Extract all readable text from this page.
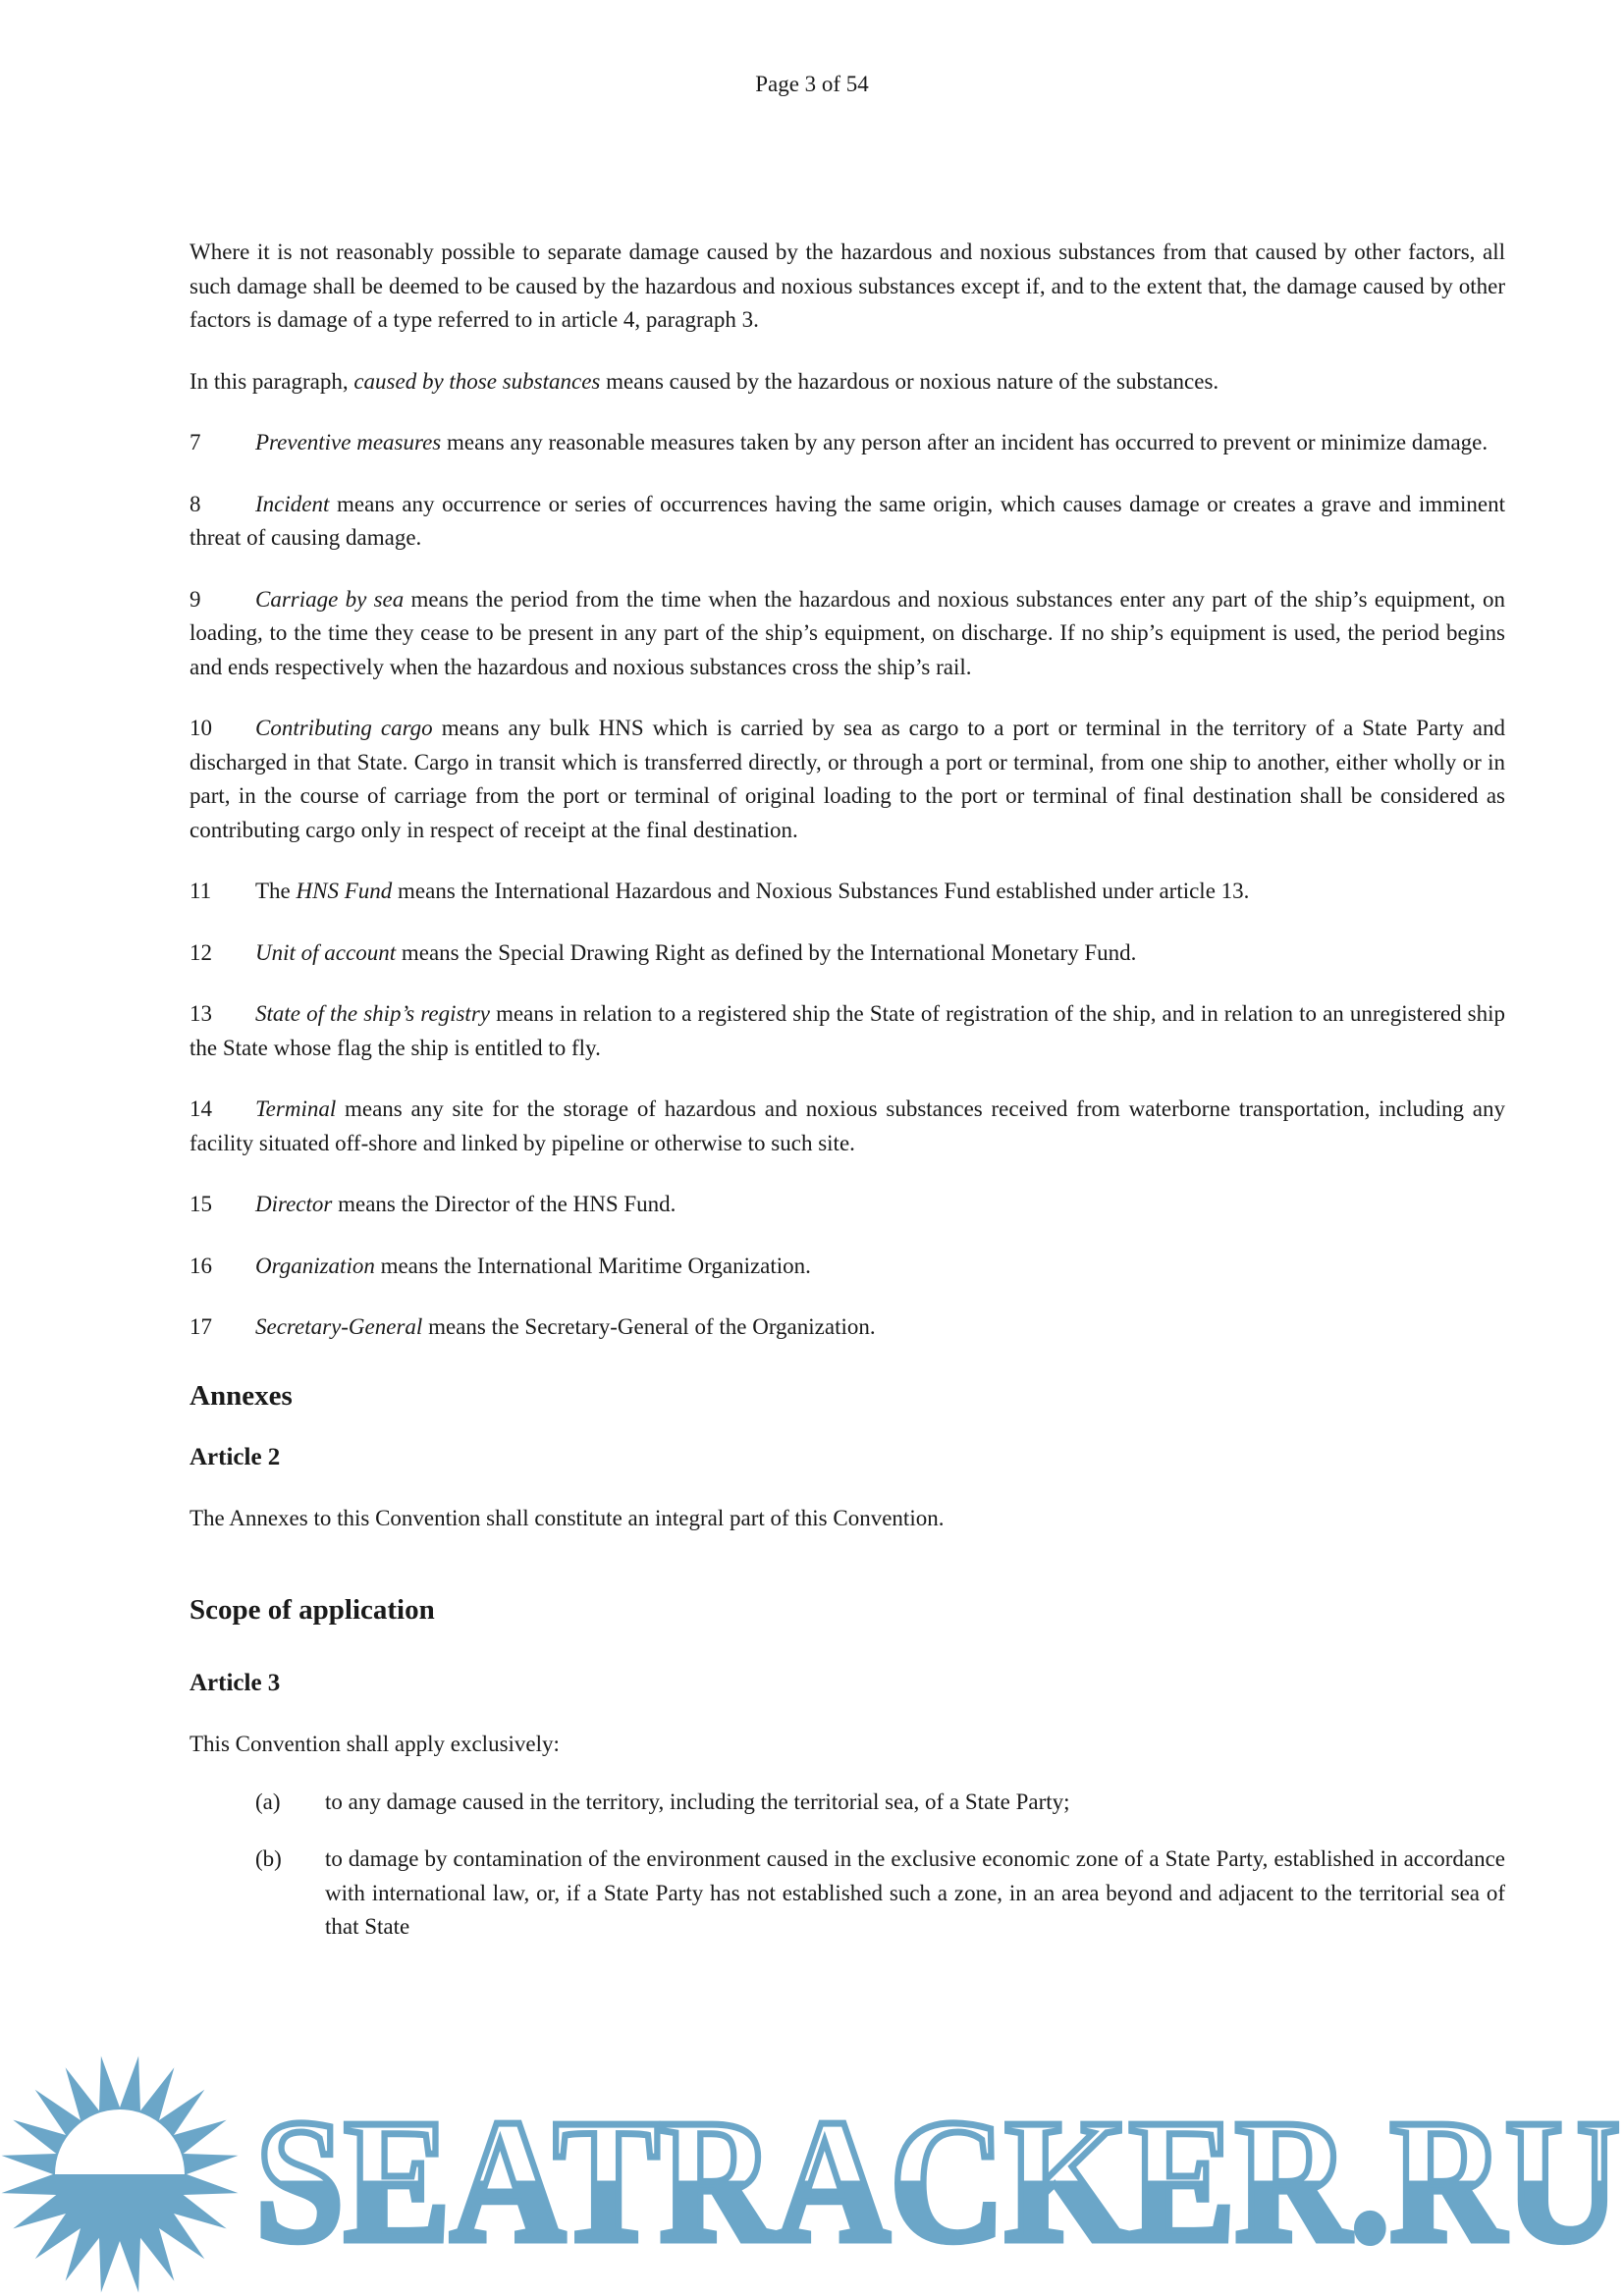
Page 3 of 54

Where it is not reasonably possible to separate damage caused by the hazardous and noxious substances from that caused by other factors, all such damage shall be deemed to be caused by the hazardous and noxious substances except if, and to the extent that, the damage caused by other factors is damage of a type referred to in article 4, paragraph 3.

In this paragraph, caused by those substances means caused by the hazardous or noxious nature of the substances.

7 Preventive measures means any reasonable measures taken by any person after an incident has occurred to prevent or minimize damage.

8 Incident means any occurrence or series of occurrences having the same origin, which causes damage or creates a grave and imminent threat of causing damage.

9 Carriage by sea means the period from the time when the hazardous and noxious substances enter any part of the ship’s equipment, on loading, to the time they cease to be present in any part of the ship’s equipment, on discharge. If no ship’s equipment is used, the period begins and ends respectively when the hazardous and noxious substances cross the ship’s rail.

10 Contributing cargo means any bulk HNS which is carried by sea as cargo to a port or terminal in the territory of a State Party and discharged in that State. Cargo in transit which is transferred directly, or through a port or terminal, from one ship to another, either wholly or in part, in the course of carriage from the port or terminal of original loading to the port or terminal of final destination shall be considered as contributing cargo only in respect of receipt at the final destination.

11 The HNS Fund means the International Hazardous and Noxious Substances Fund established under article 13.

12 Unit of account means the Special Drawing Right as defined by the International Monetary Fund.

13 State of the ship’s registry means in relation to a registered ship the State of registration of the ship, and in relation to an unregistered ship the State whose flag the ship is entitled to fly.

14 Terminal means any site for the storage of hazardous and noxious substances received from waterborne transportation, including any facility situated off-shore and linked by pipeline or otherwise to such site.

15 Director means the Director of the HNS Fund.

16 Organization means the International Maritime Organization.

17 Secretary-General means the Secretary-General of the Organization.

Annexes
Article 2

The Annexes to this Convention shall constitute an integral part of this Convention.

Scope of application
Article 3

This Convention shall apply exclusively:

(a)	to any damage caused in the territory, including the territorial sea, of a State Party;
(b)	to damage by contamination of the environment caused in the exclusive economic zone of a State Party, established in accordance with international law, or, if a State Party has not established such a zone, in an area beyond and adjacent to the territorial sea of that State
SEATRACKER.RU
